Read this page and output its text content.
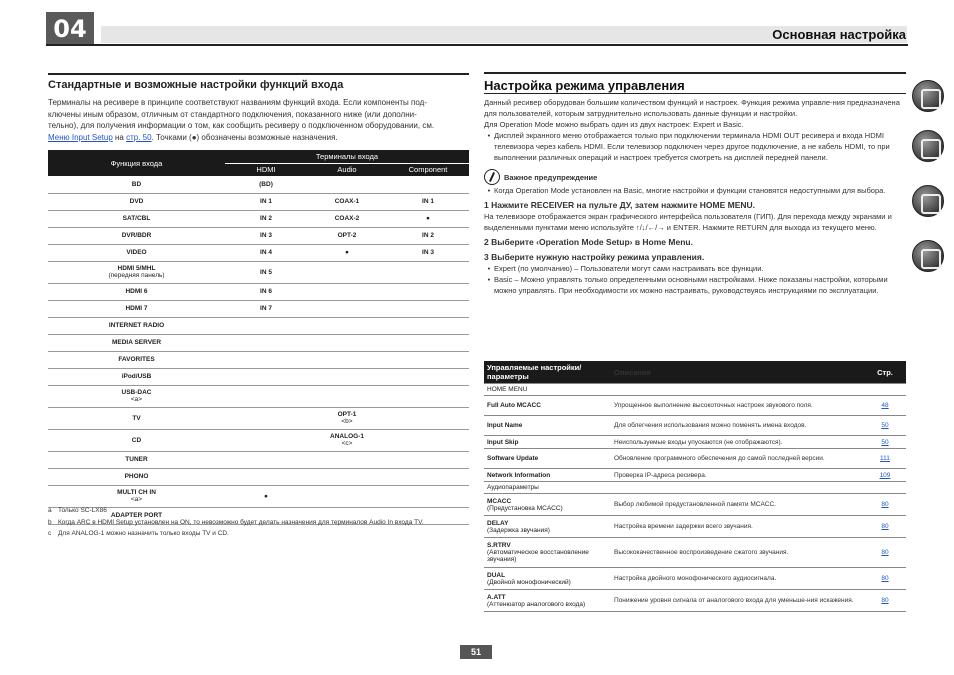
04	Основная настройка
Стандартные и возможные настройки функций входа
Терминалы на ресивере в принципе соответствуют названиям функций входа. Если компоненты под-
ключены иным образом, отличным от стандартного подключения, показанного ниже (или дополни-
тельно), для получения информации о том, как сообщить ресиверу о подключенном оборудовании, см.
Меню Input Setup на стр. 50. Точками (●) обозначены возможные назначения.
Функция входа	Терминалы входа		
	HDMI	Audio	Component

BD	(BD)	

DVD	IN 1	COAX-1	IN 1

SAT/CBL	IN 2	COAX-2	●

DVR/BDR	IN 3	OPT-2	IN 2

VIDEO	IN 4	●	IN 3

HDMI 5/MHL
(передняя панель)	IN 5	

HDMI 6	IN 6	

HDMI 7	IN 7	

INTERNET RADIO			

MEDIA SERVER			

FAVORITES			

iPod/USB			

USB-DAC
<a>			

TV		OPT-1
<b>	

CD		ANALOG-1
<c>	

TUNER			

PHONO			

MULTI CH IN
<a>	●	

ADAPTER PORT			

a Только SC-LX86
b Когда ARC в HDMI Setup установлен на ON, то невозможно будет делать назначения для терминалов Audio In входа TV.
c	Для ANALOG-1 можно назначить только входы TV и CD.
Настройка режима управления

Данный ресивер оборудован большим количеством функций и настроек. Функция режима управле-ния предназначена для пользователей, которым затруднительно использовать данные функции и настройки.

Для Operation Mode можно выбрать один из двух настроек: Expert и Basic.

• Дисплей экранного меню отображается только при подключении терминала HDMI OUT ресивера и входа HDMI телевизора через кабель HDMI. Если телевизор подключен через другое подключение, а не кабель HDMI, то при выполнении различных операций и настроек требуется смотреть на дисплей передней панели.
Важное предупреждение
• Когда Operation Mode установлен на Basic, многие настройки и функции становятся недоступными для выбора.
1 Нажмите RECEIVER на пульте ДУ, затем нажмите HOME MENU.

На телевизоре отображается экран графического интерфейса пользователя (ГИП). Для перехода между экранами и выделенными пунктами меню используйте ↑/↓/←/→ и ENTER. Нажмите RETURN для выхода из текущего меню.

2 Выберите ‹Operation Mode Setup› в Home Menu.
3 Выберите нужную настройку режима управления.
• Expert (по умолчанию) – Пользователи могут сами настраивать все функции.
• Basic – Можно управлять только определенными основными настройками. Ниже показаны настройки, которыми можно управлять. При необходимости их можно настраивать, руководствуясь инструкциями по эксплуатации.
Управляемые настройки/ параметры	Описания	Стр.
HOME MENU		

Full Auto MCACC	Упрощенное выполнение высокоточных настроек звукового поля.	48

Input Name	Для облегчения использования можно поменять имена входов.	50

Input Skip	Неиспользуемые входы упускаются (не отображаются).	50

Software Update	Обновление программного обеспечения до самой последней версии.	111

Network Information	Проверка IP-адреса ресивера.	109
Аудиопараметры		

MCACC
(Предустановка MCACC)	Выбор любимой предустановленной памяти MCACC.	80

DELAY
(Задержка звучания)	Настройка времени задержки всего звучания.	80

S.RTRV
(Автоматическое восстановление звучания)	Высококачественное воспроизведение сжатого звучания.	80

DUAL
(Двойной монофонический)	Настройка двойного монофонического аудиосигнала.	80

A.ATT
(Аттенюатор аналогового входа)	Понижение уровня сигнала от аналогового входа для уменьше-ния искажения.	80
51
